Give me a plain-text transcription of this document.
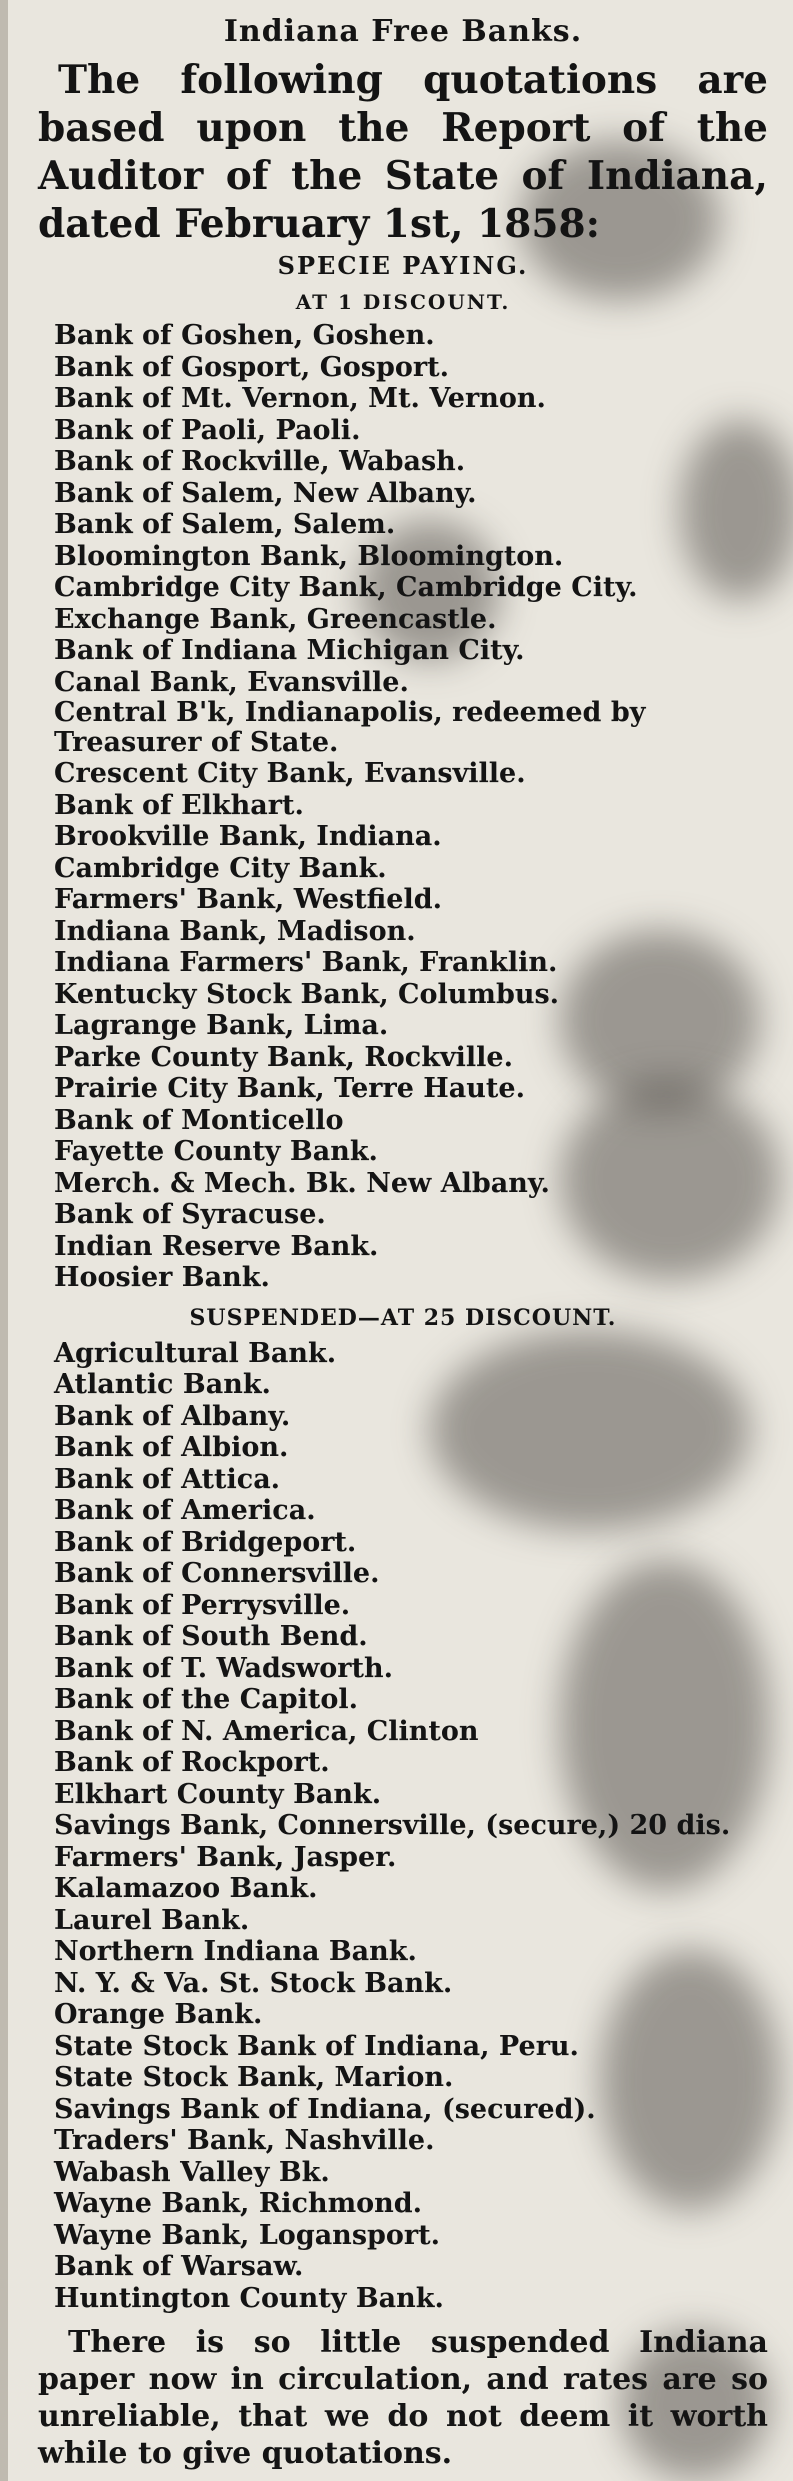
Indiana Free Banks.

The following quotations are based upon the Report of the Auditor of the State of Indiana, dated February 1st, 1858:

SPECIE PAYING.

AT 1 DISCOUNT.

Bank of Goshen, Goshen.
Bank of Gosport, Gosport.
Bank of Mt. Vernon, Mt. Vernon.
Bank of Paoli, Paoli.
Bank of Rockville, Wabash.
Bank of Salem, New Albany.
Bank of Salem, Salem.
Bloomington Bank, Bloomington.
Cambridge City Bank, Cambridge City.
Exchange Bank, Greencastle.
Bank of Indiana Michigan City.
Canal Bank, Evansville.
Central B'k, Indianapolis, redeemed by Treasurer of State.
Crescent City Bank, Evansville.
Bank of Elkhart.
Brookville Bank, Indiana.
Cambridge City Bank.
Farmers' Bank, Westfield.
Indiana Bank, Madison.
Indiana Farmers' Bank, Franklin.
Kentucky Stock Bank, Columbus.
Lagrange Bank, Lima.
Parke County Bank, Rockville.
Prairie City Bank, Terre Haute.
Bank of Monticello
Fayette County Bank.
Merch. & Mech. Bk. New Albany.
Bank of Syracuse.
Indian Reserve Bank.
Hoosier Bank.

SUSPENDED—AT 25 DISCOUNT.

Agricultural Bank.
Atlantic Bank.
Bank of Albany.
Bank of Albion.
Bank of Attica.
Bank of America.
Bank of Bridgeport.
Bank of Connersville.
Bank of Perrysville.
Bank of South Bend.
Bank of T. Wadsworth.
Bank of the Capitol.
Bank of N. America, Clinton
Bank of Rockport.
Elkhart County Bank.
Savings Bank, Connersville, (secure,) 20 dis.
Farmers' Bank, Jasper.
Kalamazoo Bank.
Laurel Bank.
Northern Indiana Bank.
N. Y. & Va. St. Stock Bank.
Orange Bank.
State Stock Bank of Indiana, Peru.
State Stock Bank, Marion.
Savings Bank of Indiana, (secured).
Traders' Bank, Nashville.
Wabash Valley Bk.
Wayne Bank, Richmond.
Wayne Bank, Logansport.
Bank of Warsaw.
Huntington County Bank.

There is so little suspended Indiana paper now in circulation, and rates are so unreliable, that we do not deem it worth while to give quotations.
